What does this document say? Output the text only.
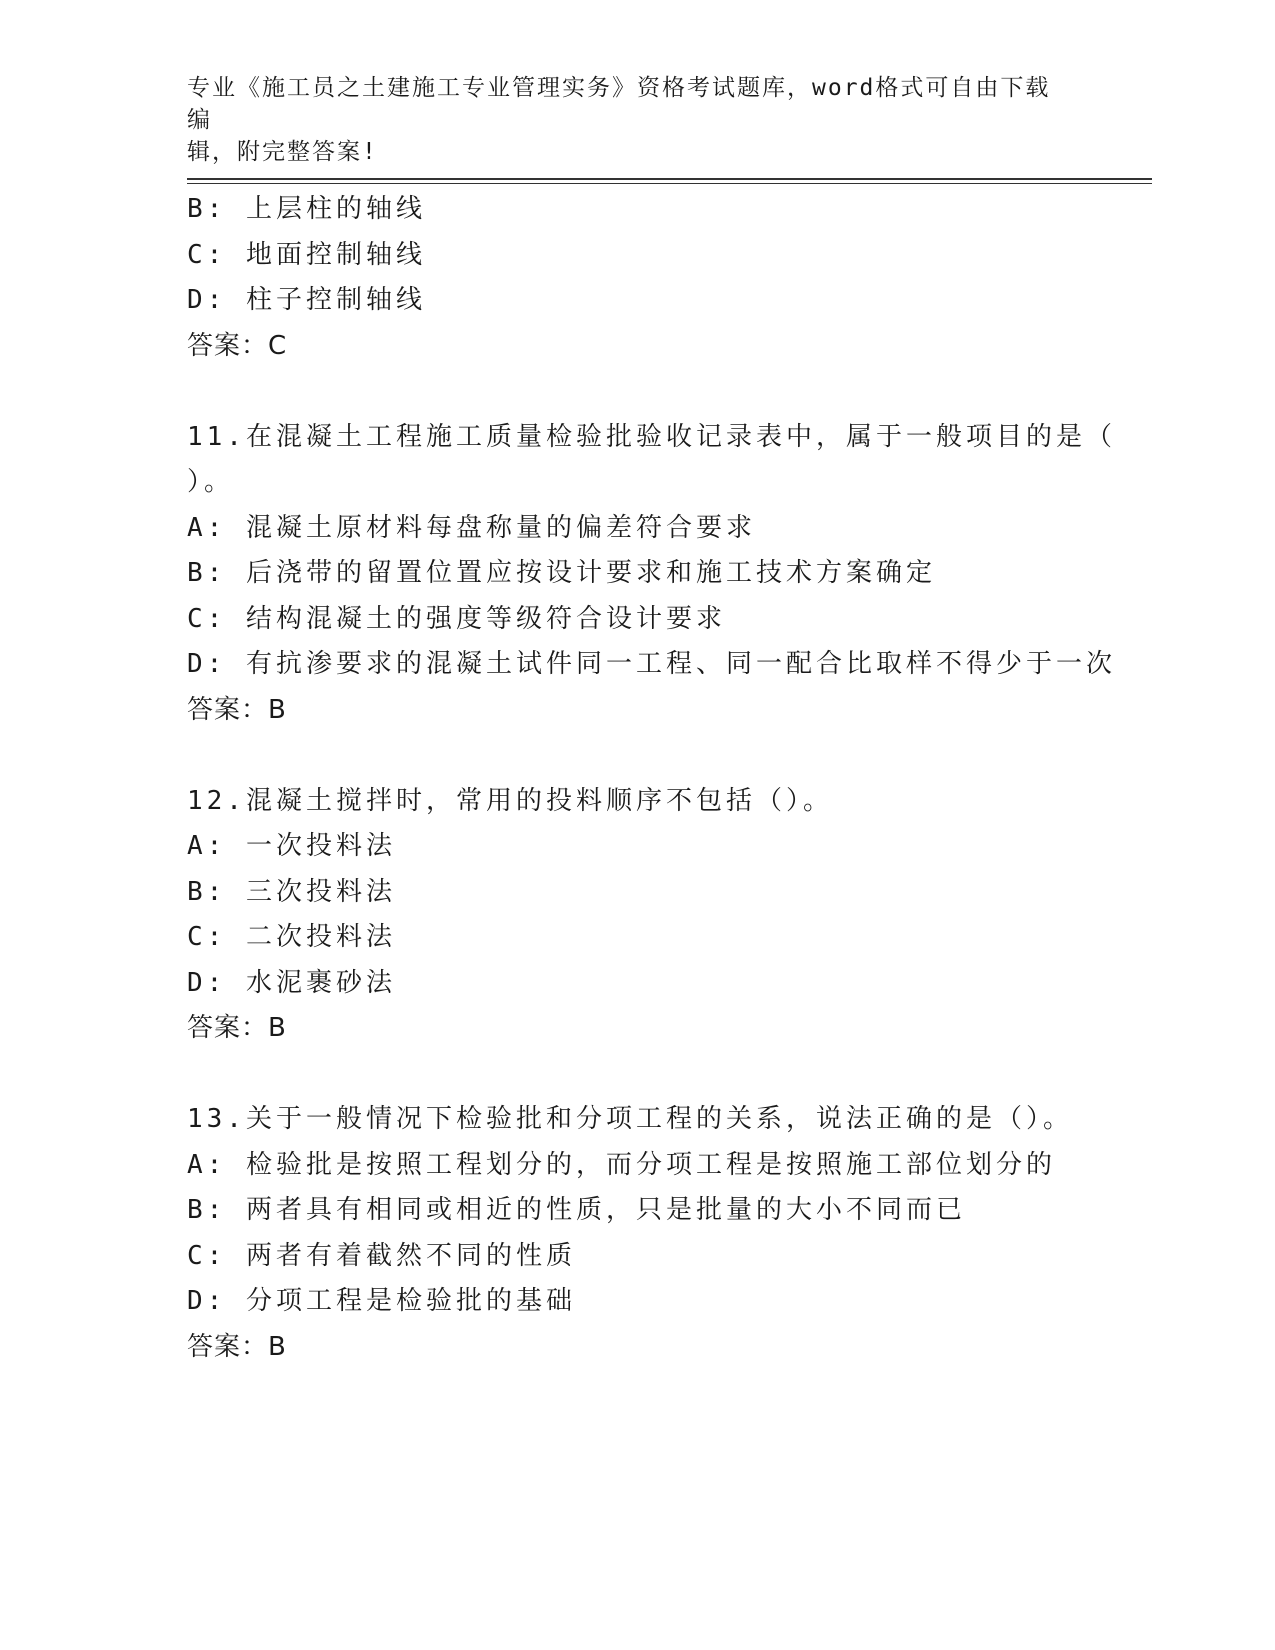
专业《施工员之土建施工专业管理实务》资格考试题库，word格式可自由下载编
辑，附完整答案!
B: 上层柱的轴线
C: 地面控制轴线
D: 柱子控制轴线
答案：C
11.在混凝土工程施工质量检验批验收记录表中，属于一般项目的是（
）。
A: 混凝土原材料每盘称量的偏差符合要求
B: 后浇带的留置位置应按设计要求和施工技术方案确定
C: 结构混凝土的强度等级符合设计要求
D: 有抗渗要求的混凝土试件同一工程、同一配合比取样不得少于一次
答案：B
12.混凝土搅拌时，常用的投料顺序不包括（）。
A: 一次投料法
B: 三次投料法
C: 二次投料法
D: 水泥裹砂法
答案：B
13.关于一般情况下检验批和分项工程的关系，说法正确的是（）。
A: 检验批是按照工程划分的，而分项工程是按照施工部位划分的
B: 两者具有相同或相近的性质，只是批量的大小不同而已
C: 两者有着截然不同的性质
D: 分项工程是检验批的基础
答案：B
